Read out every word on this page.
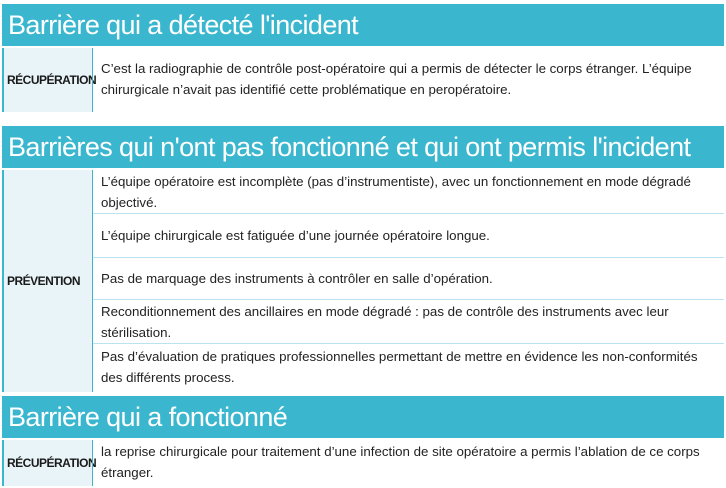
Barrière qui a détecté l'incident
RÉCUPÉRATION
C’est la radiographie de contrôle post-opératoire qui a permis de détecter le corps étranger. L’équipe chirurgicale n’avait pas identifié cette problématique en peropératoire.
Barrières qui n'ont pas fonctionné et qui ont permis l'incident
PRÉVENTION
L’équipe opératoire est incomplète (pas d’instrumentiste), avec un fonctionnement en mode dégradé objectivé.
L’équipe chirurgicale est fatiguée d’une journée opératoire longue.
Pas de marquage des instruments à contrôler en salle d’opération.
Reconditionnement des ancillaires en mode dégradé : pas de contrôle des instruments avec leur stérilisation.
Pas d’évaluation de pratiques professionnelles permettant de mettre en évidence les non-conformités des différents process.
Barrière qui a fonctionné
RÉCUPÉRATION
la reprise chirurgicale pour traitement d’une infection de site opératoire a permis l’ablation de ce corps étranger.
